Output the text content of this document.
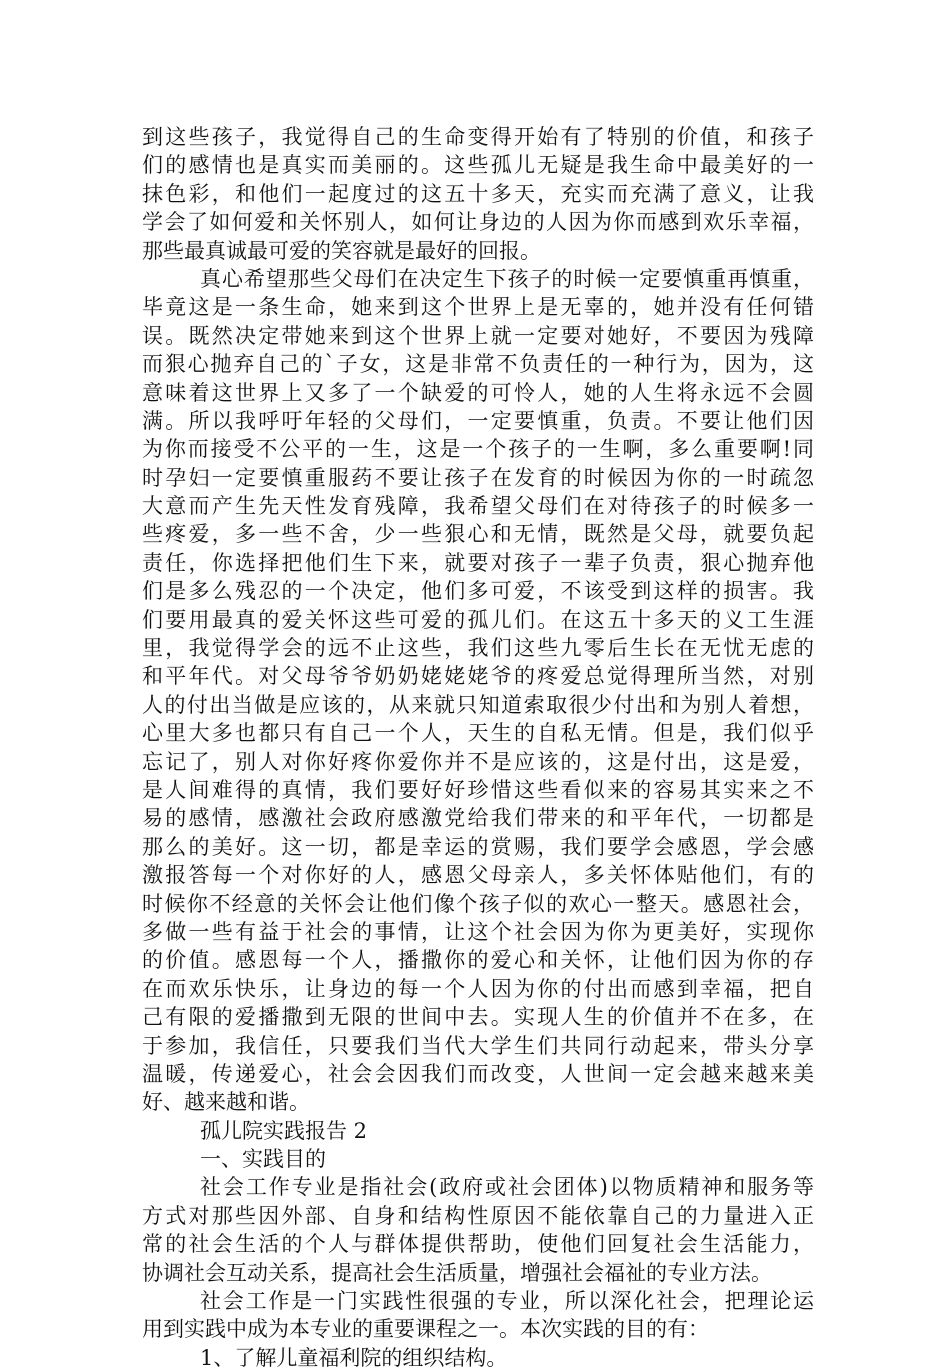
到这些孩子，我觉得自己的生命变得开始有了特别的价值，和孩子
们的感情也是真实而美丽的。这些孤儿无疑是我生命中最美好的一
抹色彩，和他们一起度过的这五十多天，充实而充满了意义，让我
学会了如何爱和关怀别人，如何让身边的人因为你而感到欢乐幸福，
那些最真诚最可爱的笑容就是最好的回报。
真心希望那些父母们在决定生下孩子的时候一定要慎重再慎重，
毕竟这是一条生命，她来到这个世界上是无辜的，她并没有任何错
误。既然决定带她来到这个世界上就一定要对她好，不要因为残障
而狠心抛弃自己的`子女，这是非常不负责任的一种行为，因为，这
意味着这世界上又多了一个缺爱的可怜人，她的人生将永远不会圆
满。所以我呼吁年轻的父母们，一定要慎重，负责。不要让他们因
为你而接受不公平的一生，这是一个孩子的一生啊，多么重要啊!同
时孕妇一定要慎重服药不要让孩子在发育的时候因为你的一时疏忽
大意而产生先天性发育残障，我希望父母们在对待孩子的时候多一
些疼爱，多一些不舍，少一些狠心和无情，既然是父母，就要负起
责任，你选择把他们生下来，就要对孩子一辈子负责，狠心抛弃他
们是多么残忍的一个决定，他们多可爱，不该受到这样的损害。我
们要用最真的爱关怀这些可爱的孤儿们。在这五十多天的义工生涯
里，我觉得学会的远不止这些，我们这些九零后生长在无忧无虑的
和平年代。对父母爷爷奶奶姥姥姥爷的疼爱总觉得理所当然，对别
人的付出当做是应该的，从来就只知道索取很少付出和为别人着想，
心里大多也都只有自己一个人，天生的自私无情。但是，我们似乎
忘记了，别人对你好疼你爱你并不是应该的，这是付出，这是爱，
是人间难得的真情，我们要好好珍惜这些看似来的容易其实来之不
易的感情，感激社会政府感激党给我们带来的和平年代，一切都是
那么的美好。这一切，都是幸运的赏赐，我们要学会感恩，学会感
激报答每一个对你好的人，感恩父母亲人，多关怀体贴他们，有的
时候你不经意的关怀会让他们像个孩子似的欢心一整天。感恩社会，
多做一些有益于社会的事情，让这个社会因为你为更美好，实现你
的价值。感恩每一个人，播撒你的爱心和关怀，让他们因为你的存
在而欢乐快乐，让身边的每一个人因为你的付出而感到幸福，把自
己有限的爱播撒到无限的世间中去。实现人生的价值并不在多，在
于参加，我信任，只要我们当代大学生们共同行动起来，带头分享
温暖，传递爱心，社会会因我们而改变，人世间一定会越来越来美
好、越来越和谐。
孤儿院实践报告 2
一、实践目的
社会工作专业是指社会(政府或社会团体)以物质精神和服务等
方式对那些因外部、自身和结构性原因不能依靠自己的力量进入正
常的社会生活的个人与群体提供帮助，使他们回复社会生活能力，
协调社会互动关系，提高社会生活质量，增强社会福祉的专业方法。
社会工作是一门实践性很强的专业，所以深化社会，把理论运
用到实践中成为本专业的重要课程之一。本次实践的目的有：
1、了解儿童福利院的组织结构。
